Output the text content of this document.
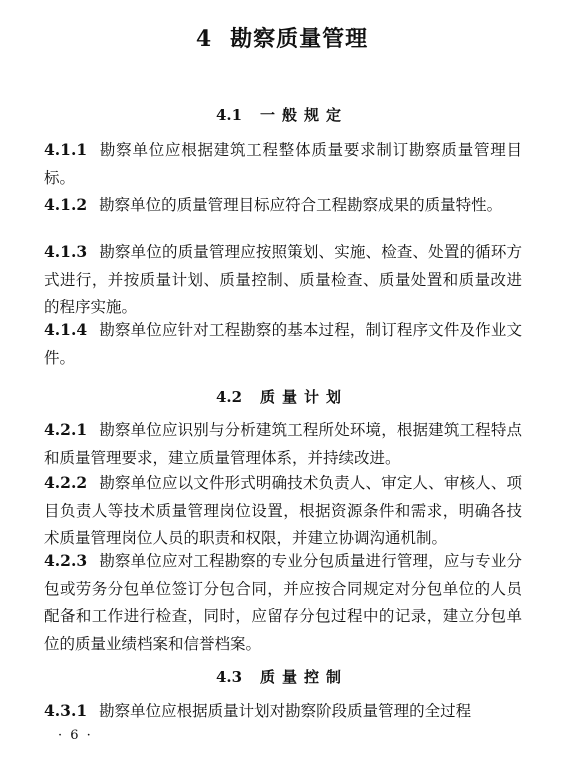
4 勘察质量管理
4.1 一般规定

4.1.1 勘察单位应根据建筑工程整体质量要求制订勘察质量管理目标。

4.1.2 勘察单位的质量管理目标应符合工程勘察成果的质量特性。

4.1.3 勘察单位的质量管理应按照策划、实施、检查、处置的循环方式进行，并按质量计划、质量控制、质量检查、质量处置和质量改进的程序实施。

4.1.4 勘察单位应针对工程勘察的基本过程，制订程序文件及作业文件。

4.2 质量计划

4.2.1 勘察单位应识别与分析建筑工程所处环境，根据建筑工程特点和质量管理要求，建立质量管理体系，并持续改进。

4.2.2 勘察单位应以文件形式明确技术负责人、审定人、审核人、项目负责人等技术质量管理岗位设置，根据资源条件和需求，明确各技术质量管理岗位人员的职责和权限，并建立协调沟通机制。

4.2.3 勘察单位应对工程勘察的专业分包质量进行管理，应与专业分包或劳务分包单位签订分包合同，并应按合同规定对分包单位的人员配备和工作进行检查，同时，应留存分包过程中的记录，建立分包单位的质量业绩档案和信誉档案。

4.3 质量控制

4.3.1 勘察单位应根据质量计划对勘察阶段质量管理的全过程

· 6 ·
